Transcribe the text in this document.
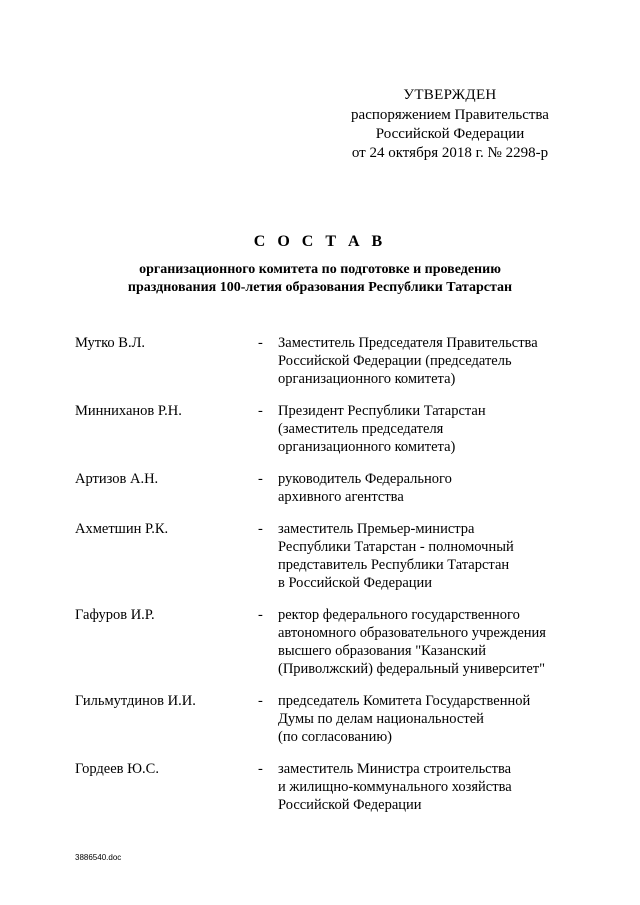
УТВЕРЖДЕН
распоряжением Правительства
Российской Федерации
от 24 октября 2018 г. № 2298-р
С О С Т А В
организационного комитета по подготовке и проведению
празднования 100-летия образования Республики Татарстан
Мутко В.Л.	-	Заместитель Председателя Правительства
Российской Федерации (председатель
организационного комитета)
Минниханов Р.Н.	-	Президент Республики Татарстан
(заместитель председателя
организационного комитета)
Артизов А.Н.	-	руководитель Федерального
архивного агентства
Ахметшин Р.К.	-	заместитель Премьер-министра
Республики Татарстан - полномочный
представитель Республики Татарстан
в Российской Федерации
Гафуров И.Р.	-	ректор федерального государственного
автономного образовательного учреждения
высшего образования "Казанский
(Приволжский) федеральный университет"
Гильмутдинов И.И.	-	председатель Комитета Государственной
Думы по делам национальностей
(по согласованию)
Гордеев Ю.С.	-	заместитель Министра строительства
и жилищно-коммунального хозяйства
Российской Федерации
3886540.doc
